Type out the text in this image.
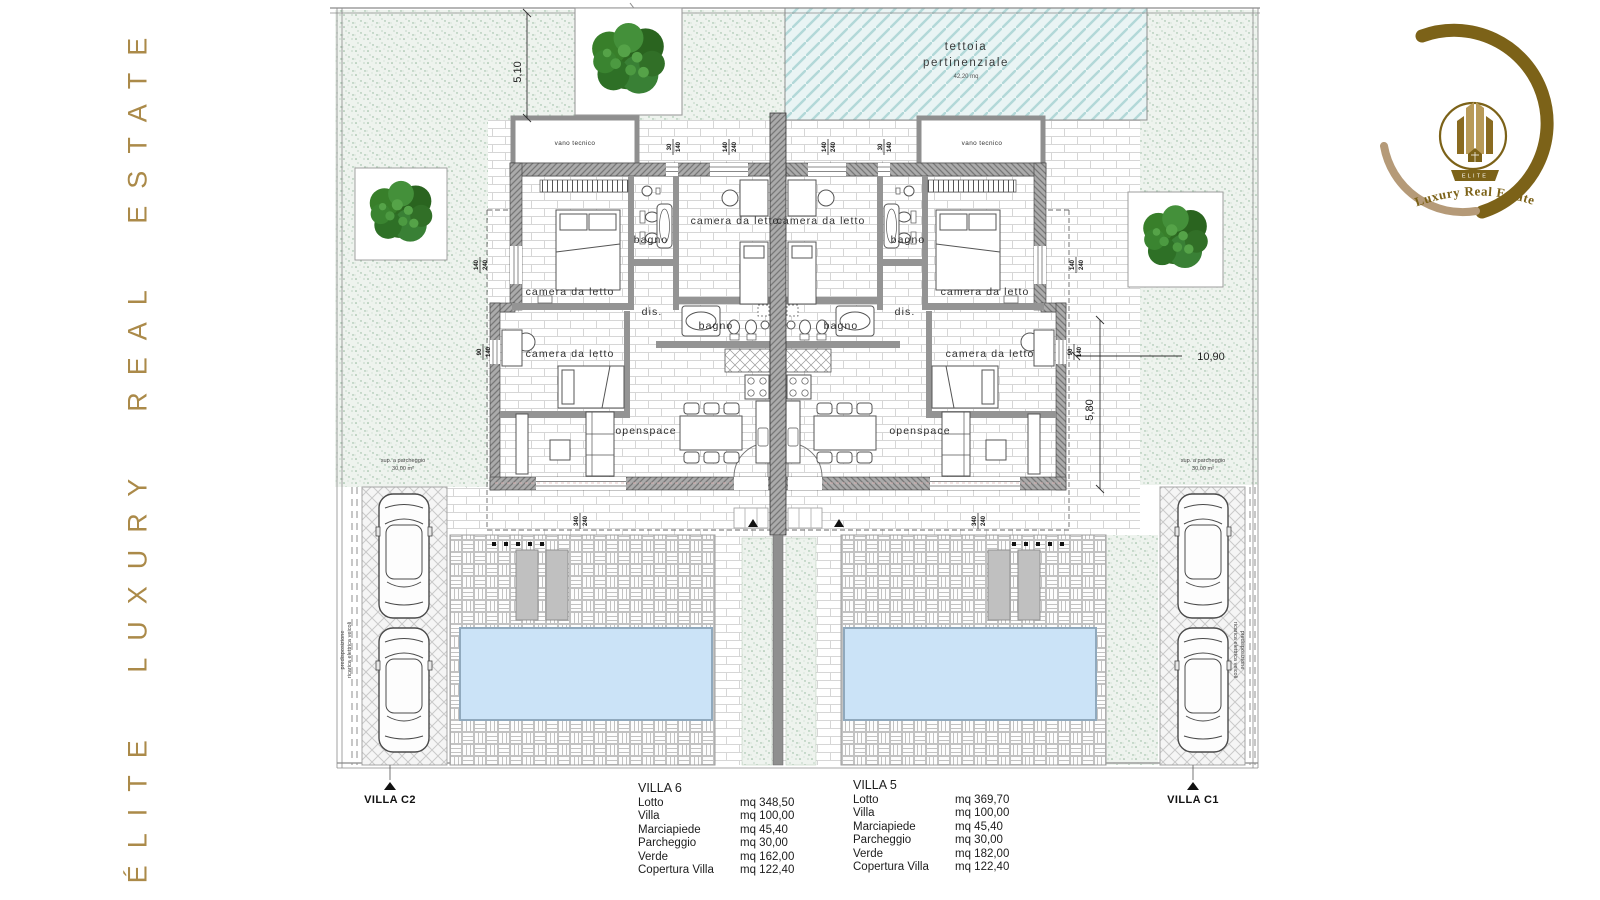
ÉLITE LUXURY REAL ESTATE	tettoia
pertinenziale
42,20 mq
vano tecnico
camera da letto
bagno
camera da letto
dis.
bagno
camera da letto
openspace
vano tecnico
camera da letto
bagno
camera da letto
dis.
bagno
camera da letto
openspace
5,10
10,90
5,80
140 240
90 140
30 140	140 240	140 240	30 140
140 240
90 140
340 240	340 240
sup. a parcheggio
30,00 m²
sup. a parcheggio
30,00 m²
predisposizione ricarica elettrica veicoli	predisposizione
ricarica elettrica veicoli
VILLA C2	VILLA C1
ELITE
Luxury Real Estate
VILLA 6
Lotto	mq 348,50
Villa	mq 100,00
Marciapiede	mq 45,40
Parcheggio	mq 30,00
Verde	mq 162,00
Copertura Villa	mq 122,40
VILLA 5
Lotto	mq 369,70
Villa	mq 100,00
Marciapiede	mq 45,40
Parcheggio	mq 30,00
Verde	mq 182,00
Copertura Villa	mq 122,40
